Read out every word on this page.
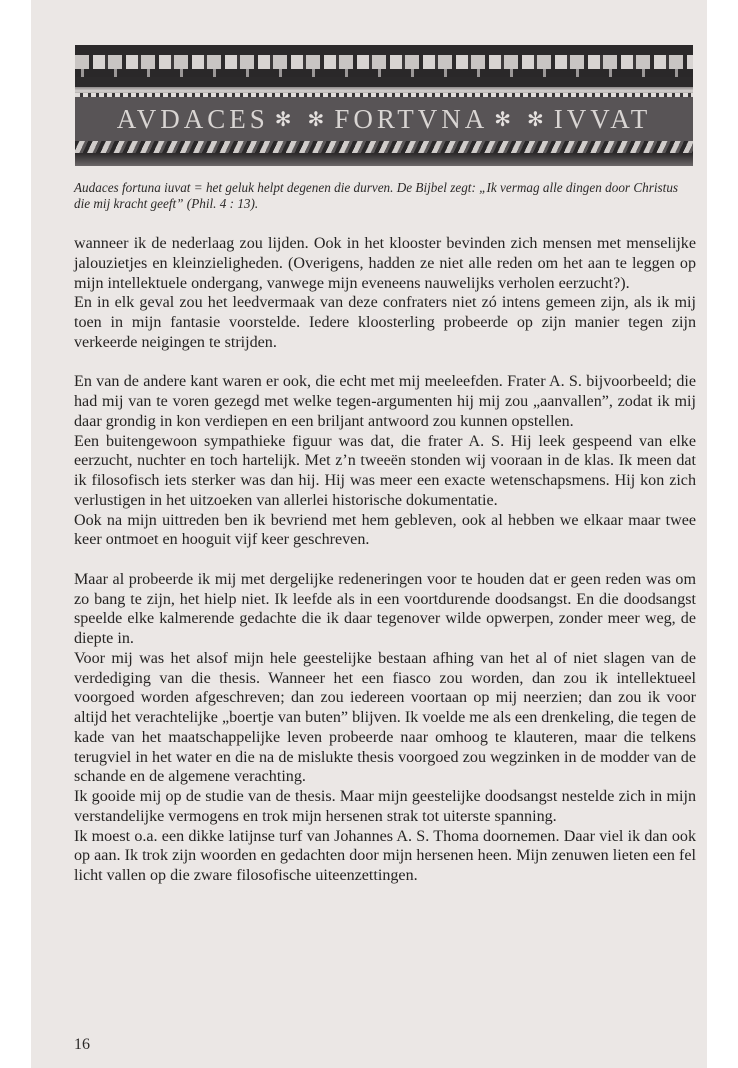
AVDACES ✻ ✻ FORTVNA ✻ ✻ IVVAT
Audaces fortuna iuvat = het geluk helpt degenen die durven. De Bijbel zegt: „Ik vermag alle dingen door Christus die mij kracht geeft” (Phil. 4 : 13).

wanneer ik de nederlaag zou lijden. Ook in het klooster bevinden zich mensen met menselijke jalouzietjes en kleinzieligheden. (Overigens, hadden ze niet alle reden om het aan te leggen op mijn intellektuele ondergang, vanwege mijn eveneens nauwelijks verholen eerzucht?).

En in elk geval zou het leedvermaak van deze confraters niet zó intens gemeen zijn, als ik mij toen in mijn fantasie voorstelde. Iedere kloosterling probeerde op zijn manier tegen zijn verkeerde neigingen te strijden.

En van de andere kant waren er ook, die echt met mij meeleefden. Frater A. S. bijvoorbeeld; die had mij van te voren gezegd met welke tegen-argumenten hij mij zou „aanvallen”, zodat ik mij daar grondig in kon verdiepen en een briljant antwoord zou kunnen opstellen.

Een buitengewoon sympathieke figuur was dat, die frater A. S. Hij leek gespeend van elke eerzucht, nuchter en toch hartelijk. Met z’n tweeën stonden wij vooraan in de klas. Ik meen dat ik filosofisch iets sterker was dan hij. Hij was meer een exacte wetenschapsmens. Hij kon zich verlustigen in het uitzoeken van allerlei historische dokumentatie.

Ook na mijn uittreden ben ik bevriend met hem gebleven, ook al hebben we elkaar maar twee keer ontmoet en hooguit vijf keer geschreven.

Maar al probeerde ik mij met dergelijke redeneringen voor te houden dat er geen reden was om zo bang te zijn, het hielp niet. Ik leefde als in een voortdurende doodsangst. En die doodsangst speelde elke kalmerende gedachte die ik daar tegenover wilde opwerpen, zonder meer weg, de diepte in.

Voor mij was het alsof mijn hele geestelijke bestaan afhing van het al of niet slagen van de verdediging van die thesis. Wanneer het een fiasco zou worden, dan zou ik intellektueel voorgoed worden afgeschreven; dan zou iedereen voortaan op mij neerzien; dan zou ik voor altijd het verachtelijke „boertje van buten” blijven. Ik voelde me als een drenkeling, die tegen de kade van het maatschappelijke leven probeerde naar omhoog te klauteren, maar die telkens terugviel in het water en die na de mislukte thesis voorgoed zou wegzinken in de modder van de schande en de algemene verachting.

Ik gooide mij op de studie van de thesis. Maar mijn geestelijke doodsangst nestelde zich in mijn verstandelijke vermogens en trok mijn hersenen strak tot uiterste spanning.

Ik moest o.a. een dikke latijnse turf van Johannes A. S. Thoma doornemen. Daar viel ik dan ook op aan. Ik trok zijn woorden en gedachten door mijn hersenen heen. Mijn zenuwen lieten een fel licht vallen op die zware filosofische uiteenzettingen.

16
